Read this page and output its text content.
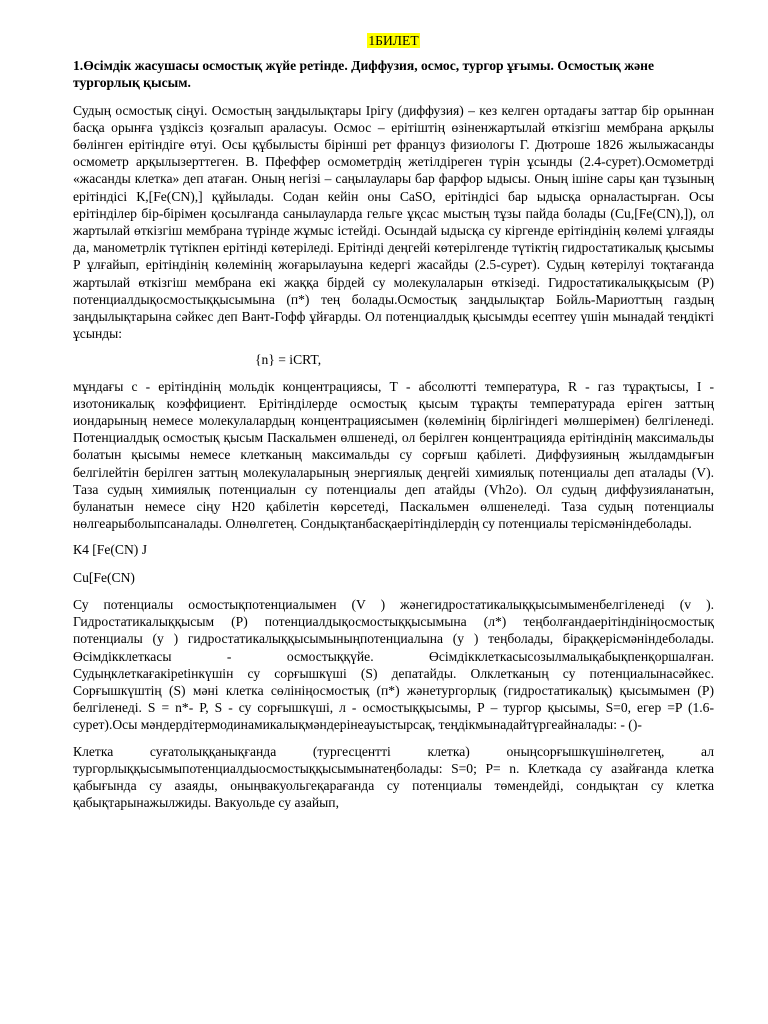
1БИЛЕТ

1.Өсімдік жасушасы осмостық жүйе ретінде. Диффузия, осмос, тургор ұғымы. Осмостық және тургорлық қысым.

Судың осмостық сіңуі. Осмостың заңдылықтары Ірігу (диффузия) – кез келген ортадағы заттар бір орыннан басқа орынға үздіксіз қозғалып араласуы. Осмос – ерітіштің өзіненжартылай өткізгіш мембрана арқылы бөлінген ерітіндіге өтуі. Осы құбылысты бірінші рет француз физиологы Г. Дютроше 1826 жылыжасанды осмометр арқылызерттеген. В. Пфеффер осмометрдің жетілдіреген түрін ұсынды (2.4-сурет).Осмометрді «жасанды клетка» деп атаған. Оның негізі – саңылаулары бар фарфор ыдысы. Оның ішіне сары қан тұзының ерітіндісі К,[Fe(CN),] құйылады. Содан кейін оны CaSO, ерітіндісі бар ыдысқа орналастырған. Осы ерітінділер бір-бірімен қосылғанда санылауларда гельге ұқсас мыстың тұзы пайда болады (Cu,[Fe(CN),]), ол жартылай өткізгіш мембрана түрінде жұмыс істейді. Осындай ыдысқа су кіргенде ерітіндінің көлемі ұлғаяды да, манометрлік түтікпен ерітінді көтеріледі. Ерітінді деңгейі көтерілгенде түтіктің гидростатикалық қысымы Р ұлғайып, ерітіндінің көлемінің жоғарылауына кедергі жасайды (2.5-сурет). Судың көтерілуі тоқтағанда жартылай өткізгіш мембрана екі жаққа бірдей су молекулаларын өткізеді. Гидростатикалыққысым (Р) потенциалдықосмостыққысымына (п*) тең болады.Осмостық заңдылықтар Бойль-Мариоттың газдың заңдылықтарына сәйкес деп Вант-Гофф ұйғарды. Ол потенциалдық қысымды есептеу үшін мынадай теңдікті ұсынды:

{n} = iCRT,

мұндағы с - ерітіндінің мольдік концентрациясы, Т - абсолютті температура, R - газ тұрақтысы, I - изотоникалық коэффициент. Ерітінділерде осмостық қысым тұрақты температурада еріген заттың иондарының немесе молекулалардың концентрациясымен (көлемінің бірлігіндегі мөлшерімен) белгіленеді. Потенциалдық осмостық қысым Паскальмен өлшенеді, ол берілген концентрацияда ерітіндінің максимальды болатын қысымы немесе клетканың максимальды су сорғыш қабілеті. Диффузияның жылдамдығын белгілейтін берілген заттың молекулаларының энергиялық деңгейі химиялық потенциалы деп аталады (V). Таза судың химиялық потенциалын су потенциалы деп атайды (Vh2o). Ол судың диффузияланатын, буланатын немесе сіңу Н20 қабілетін көрсетеді, Паскальмен өлшенеледі. Таза судың потенциалы нөлгеарыболыпсаналады. Олнөлгетең. Сондықтанбасқаерітінділердің су потенциалы терісмәніндеболады.

К4 [Fe(CN) J

Cu[Fe(CN)

Су потенциалы осмостықпотенциалымен (V ) жәнегидростатикалыққысымыменбелгіленеді (v ). Гидростатикалыққысым (Р) потенциалдықосмостыққысымына (л*) теңболғандаерітіндініңосмостық потенциалы (у ) гидростатикалыққысымыныңпотенциалына (у ) теңболады, біраққерісмәніндеболады. Өсімдікклеткасы - осмостыққүйе. Өсімдікклеткасысозылмалықабықпенқоршалған. Судыңклеткағакірetінкүшін су сорғышкүші (S) депатайды. Олклетканың су потенциалынасәйкес. Сорғышкүштің (S) мәні клетка сөлініңосмостық (п*) жәнетургорлық (гидростатикалық) қысымымен (Р) белгіленеді. S = n*- P, S - су сорғышкүші, л - осмостыққысымы, Р – тургор қысымы, S=0, егер =P (1.6-сурет).Осы мәндердітермодинамикалықмәндерінеауыстырсақ, теңдікмынадайтүргеайналады: - ()-

Клетка суғатолыққанықғанда (тургесцентті клетка) оныңсорғышкүшінөлгетең, ал тургорлыққысымыпотенциалдыосмостыққысымынатеңболады: S=0; P= n. Клеткада су азайғанда клетка қабығында су азаяды, оныңвакуольгеқарағанда су потенциалы төмендейді, сондықтан су клетка қабықтарынажылжиды. Вакуольде су азайып,
